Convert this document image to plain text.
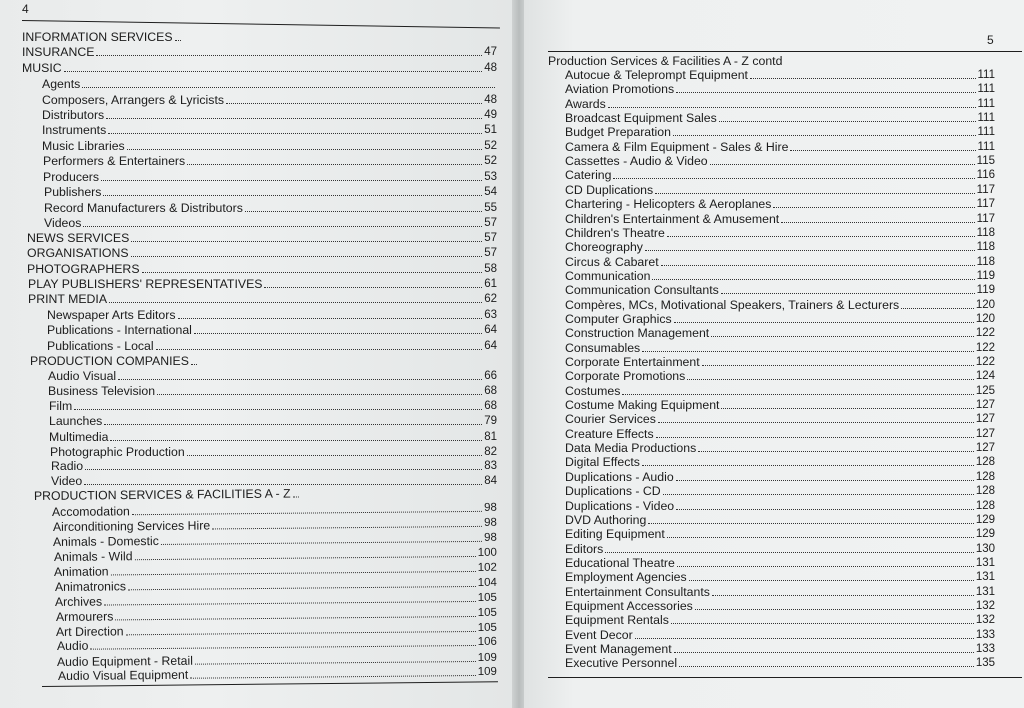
4
INFORMATION SERVICES
INSURANCE	47
MUSIC	48
Agents
Composers, Arrangers & Lyricists	48
Distributors	49
Instruments	51
Music Libraries	52
Performers & Entertainers	52
Producers	53
Publishers	54
Record Manufacturers & Distributors	55
Videos	57
NEWS SERVICES	57
ORGANISATIONS	57
PHOTOGRAPHERS	58
PLAY PUBLISHERS' REPRESENTATIVES	61
PRINT MEDIA	62
Newspaper Arts Editors	63
Publications - International	64
Publications - Local	64
PRODUCTION COMPANIES
Audio Visual	66
Business Television	68
Film	68
Launches	79
Multimedia	81
Photographic Production	82
Radio	83
Video	84
PRODUCTION SERVICES & FACILITIES A - Z
Accomodation	98
Airconditioning Services Hire	98
Animals - Domestic	98
Animals - Wild	100
Animation	102
Animatronics	104
Archives	105
Armourers	105
Art Direction	105
Audio	106
Audio Equipment - Retail	109
Audio Visual Equipment	109
5
Production Services & Facilities A - Z contd
Autocue & Teleprompt Equipment	111
Aviation Promotions	111
Awards	111
Broadcast Equipment Sales	111
Budget Preparation	111
Camera & Film Equipment - Sales & Hire	111
Cassettes - Audio & Video	115
Catering	116
CD Duplications	117
Chartering - Helicopters & Aeroplanes	117
Children's Entertainment & Amusement	117
Children's Theatre	118
Choreography	118
Circus & Cabaret	118
Communication	119
Communication Consultants	119
Compères, MCs, Motivational Speakers, Trainers & Lecturers	120
Computer Graphics	120
Construction Management	122
Consumables	122
Corporate Entertainment	122
Corporate Promotions	124
Costumes	125
Costume Making Equipment	127
Courier Services	127
Creature Effects	127
Data Media Productions	127
Digital Effects	128
Duplications - Audio	128
Duplications - CD	128
Duplications - Video	128
DVD Authoring	129
Editing Equipment	129
Editors	130
Educational Theatre	131
Employment Agencies	131
Entertainment Consultants	131
Equipment Accessories	132
Equipment Rentals	132
Event Decor	133
Event Management	133
Executive Personnel	135
